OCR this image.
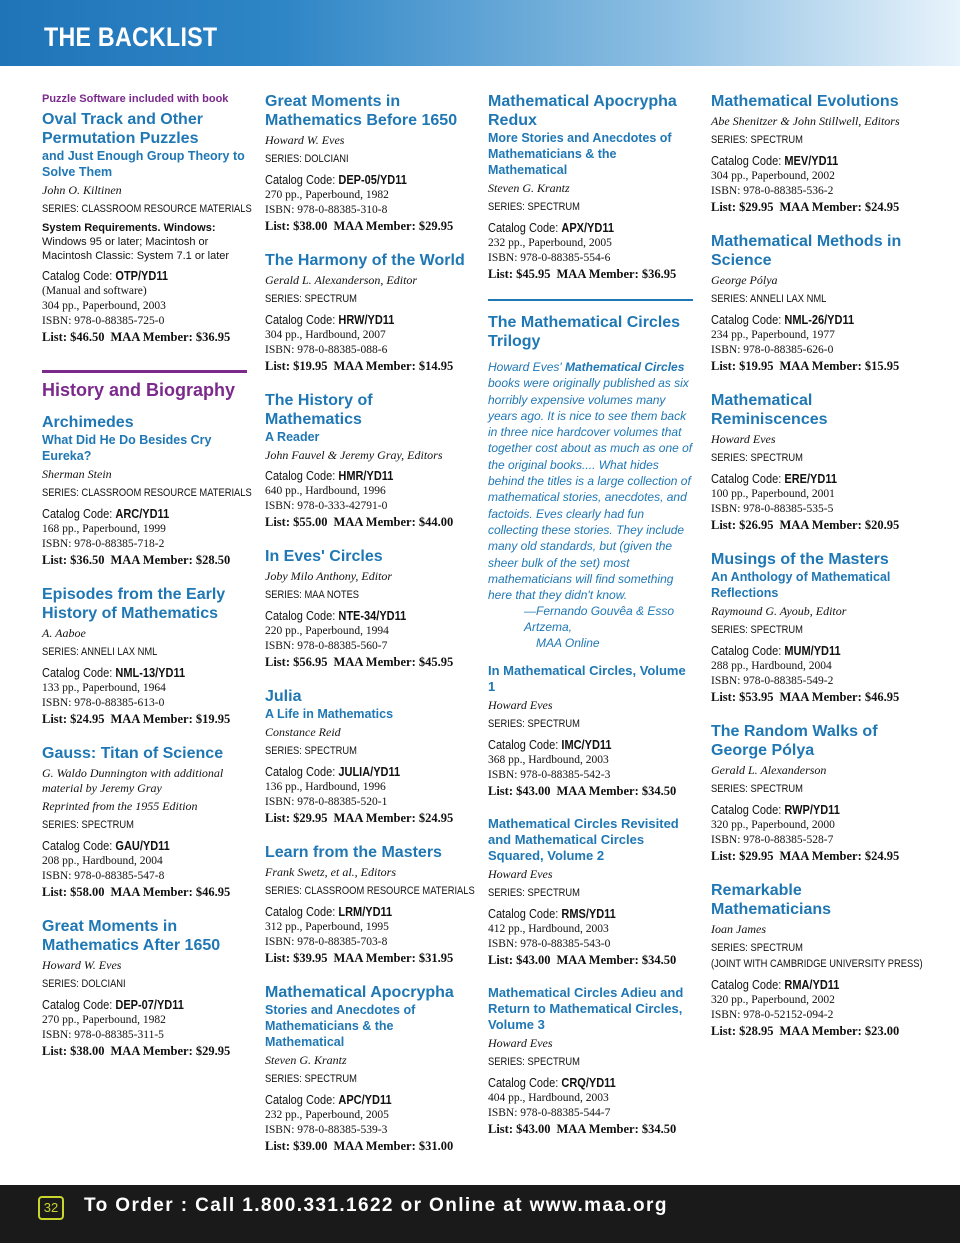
THE BACKLIST
Puzzle Software included with book
Oval Track and Other Permutation Puzzles
and Just Enough Group Theory to Solve Them
John O. Kiltinen
SERIES: CLASSROOM RESOURCE MATERIALS
System Requirements. Windows: Windows 95 or later; Macintosh or Macintosh Classic: System 7.1 or later
Catalog Code: OTP/YD11
(Manual and software)
304 pp., Paperbound, 2003
ISBN: 978-0-88385-725-0
List: $46.50 MAA Member: $36.95
History and Biography
Archimedes
What Did He Do Besides Cry Eureka?
Sherman Stein
SERIES: CLASSROOM RESOURCE MATERIALS
Catalog Code: ARC/YD11
168 pp., Paperbound, 1999
ISBN: 978-0-88385-718-2
List: $36.50 MAA Member: $28.50
Episodes from the Early History of Mathematics
A. Aaboe
SERIES: ANNELI LAX NML
Catalog Code: NML-13/YD11
133 pp., Paperbound, 1964
ISBN: 978-0-88385-613-0
List: $24.95 MAA Member: $19.95
Gauss: Titan of Science
G. Waldo Dunnington with additional material by Jeremy Gray
Reprinted from the 1955 Edition
SERIES: SPECTRUM
Catalog Code: GAU/YD11
208 pp., Hardbound, 2004
ISBN: 978-0-88385-547-8
List: $58.00 MAA Member: $46.95
Great Moments in Mathematics After 1650
Howard W. Eves
SERIES: DOLCIANI
Catalog Code: DEP-07/YD11
270 pp., Paperbound, 1982
ISBN: 978-0-88385-311-5
List: $38.00 MAA Member: $29.95
Great Moments in Mathematics Before 1650
Howard W. Eves
SERIES: DOLCIANI
Catalog Code: DEP-05/YD11
270 pp., Paperbound, 1982
ISBN: 978-0-88385-310-8
List: $38.00 MAA Member: $29.95
The Harmony of the World
Gerald L. Alexanderson, Editor
SERIES: SPECTRUM
Catalog Code: HRW/YD11
304 pp., Hardbound, 2007
ISBN: 978-0-88385-088-6
List: $19.95 MAA Member: $14.95
The History of Mathematics
A Reader
John Fauvel & Jeremy Gray, Editors
Catalog Code: HMR/YD11
640 pp., Hardbound, 1996
ISBN: 978-0-333-42791-0
List: $55.00 MAA Member: $44.00
In Eves' Circles
Joby Milo Anthony, Editor
SERIES: MAA NOTES
Catalog Code: NTE-34/YD11
220 pp., Paperbound, 1994
ISBN: 978-0-88385-560-7
List: $56.95 MAA Member: $45.95
Julia
A Life in Mathematics
Constance Reid
SERIES: SPECTRUM
Catalog Code: JULIA/YD11
136 pp., Hardbound, 1996
ISBN: 978-0-88385-520-1
List: $29.95 MAA Member: $24.95
Learn from the Masters
Frank Swetz, et al., Editors
SERIES: CLASSROOM RESOURCE MATERIALS
Catalog Code: LRM/YD11
312 pp., Paperbound, 1995
ISBN: 978-0-88385-703-8
List: $39.95 MAA Member: $31.95
Mathematical Apocrypha
Stories and Anecdotes of Mathematicians & the Mathematical
Steven G. Krantz
SERIES: SPECTRUM
Catalog Code: APC/YD11
232 pp., Paperbound, 2005
ISBN: 978-0-88385-539-3
List: $39.00 MAA Member: $31.00
Mathematical Apocrypha Redux
More Stories and Anecdotes of Mathematicians & the Mathematical
Steven G. Krantz
SERIES: SPECTRUM
Catalog Code: APX/YD11
232 pp., Paperbound, 2005
ISBN: 978-0-88385-554-6
List: $45.95 MAA Member: $36.95
The Mathematical Circles Trilogy
Howard Eves' Mathematical Circles books were originally published as six horribly expensive volumes many years ago. It is nice to see them back in three nice hardcover volumes that together cost about as much as one of the original books.... What hides behind the titles is a large collection of mathematical stories, anecdotes, and factoids. Eves clearly had fun collecting these stories. They include many old standards, but (given the sheer bulk of the set) most mathematicians will find something here that they didn't know.
—Fernando Gouvêa & Esso Artzema,
MAA Online
In Mathematical Circles, Volume 1
Howard Eves
SERIES: SPECTRUM
Catalog Code: IMC/YD11
368 pp., Hardbound, 2003
ISBN: 978-0-88385-542-3
List: $43.00 MAA Member: $34.50
Mathematical Circles Revisited and Mathematical Circles Squared, Volume 2
Howard Eves
SERIES: SPECTRUM
Catalog Code: RMS/YD11
412 pp., Hardbound, 2003
ISBN: 978-0-88385-543-0
List: $43.00 MAA Member: $34.50
Mathematical Circles Adieu and Return to Mathematical Circles, Volume 3
Howard Eves
SERIES: SPECTRUM
Catalog Code: CRQ/YD11
404 pp., Hardbound, 2003
ISBN: 978-0-88385-544-7
List: $43.00 MAA Member: $34.50
Mathematical Evolutions
Abe Shenitzer & John Stillwell, Editors
SERIES: SPECTRUM
Catalog Code: MEV/YD11
304 pp., Paperbound, 2002
ISBN: 978-0-88385-536-2
List: $29.95 MAA Member: $24.95
Mathematical Methods in Science
George Pólya
SERIES: ANNELI LAX NML
Catalog Code: NML-26/YD11
234 pp., Paperbound, 1977
ISBN: 978-0-88385-626-0
List: $19.95 MAA Member: $15.95
Mathematical Reminiscences
Howard Eves
SERIES: SPECTRUM
Catalog Code: ERE/YD11
100 pp., Paperbound, 2001
ISBN: 978-0-88385-535-5
List: $26.95 MAA Member: $20.95
Musings of the Masters
An Anthology of Mathematical Reflections
Raymound G. Ayoub, Editor
SERIES: SPECTRUM
Catalog Code: MUM/YD11
288 pp., Hardbound, 2004
ISBN: 978-0-88385-549-2
List: $53.95 MAA Member: $46.95
The Random Walks of George Pólya
Gerald L. Alexanderson
SERIES: SPECTRUM
Catalog Code: RWP/YD11
320 pp., Paperbound, 2000
ISBN: 978-0-88385-528-7
List: $29.95 MAA Member: $24.95
Remarkable Mathematicians
Ioan James
SERIES: SPECTRUM
(JOINT WITH CAMBRIDGE UNIVERSITY PRESS)
Catalog Code: RMA/YD11
320 pp., Paperbound, 2002
ISBN: 978-0-52152-094-2
List: $28.95 MAA Member: $23.00
32	To Order : Call 1.800.331.1622 or Online at www.maa.org
